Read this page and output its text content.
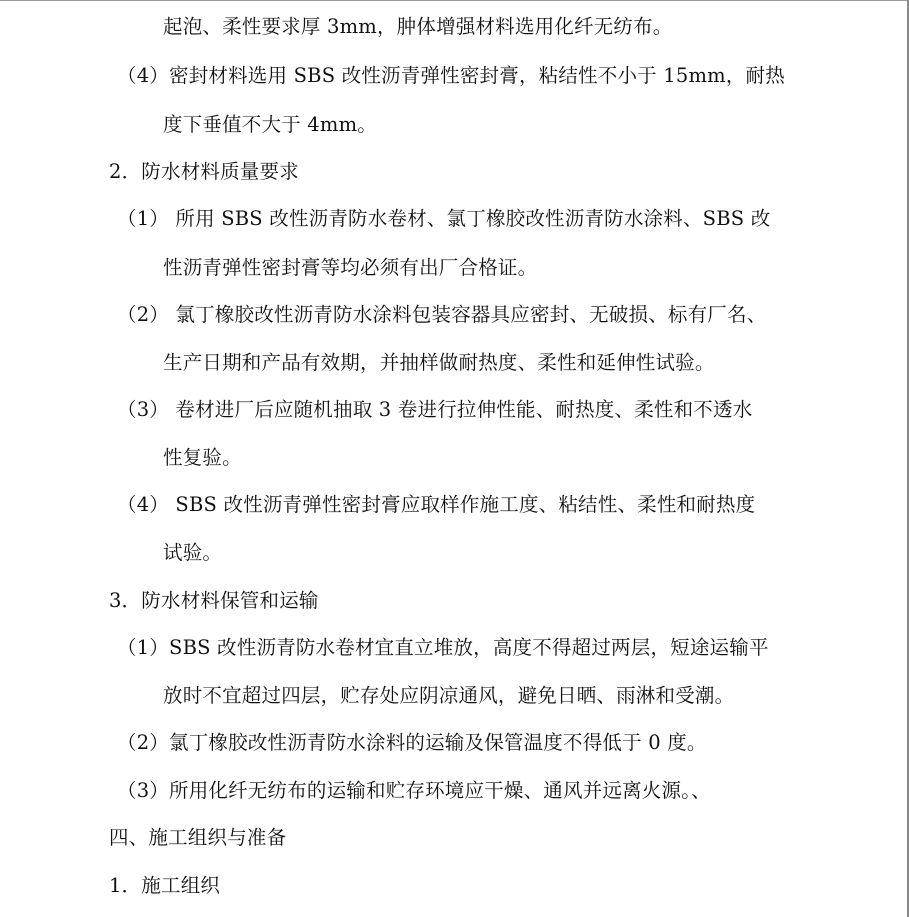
起泡、柔性要求厚 3mm，肿体增强材料选用化纤无纺布。
（4）密封材料选用 SBS 改性沥青弹性密封膏，粘结性不小于 15mm，耐热
度下垂值不大于 4mm。
2．防水材料质量要求
（1） 所用 SBS 改性沥青防水卷材、氯丁橡胶改性沥青防水涂料、SBS 改
性沥青弹性密封膏等均必须有出厂合格证。
（2） 氯丁橡胶改性沥青防水涂料包装容器具应密封、无破损、标有厂名、
生产日期和产品有效期，并抽样做耐热度、柔性和延伸性试验。
（3） 卷材进厂后应随机抽取 3 卷进行拉伸性能、耐热度、柔性和不透水
性复验。
（4） SBS 改性沥青弹性密封膏应取样作施工度、粘结性、柔性和耐热度
试验。
3．防水材料保管和运输
（1）SBS 改性沥青防水卷材宜直立堆放，高度不得超过两层，短途运输平
放时不宜超过四层，贮存处应阴凉通风，避免日晒、雨淋和受潮。
（2）氯丁橡胶改性沥青防水涂料的运输及保管温度不得低于 0 度。
（3）所用化纤无纺布的运输和贮存环境应干燥、通风并远离火源。、
四、施工组织与准备
1．施工组织
